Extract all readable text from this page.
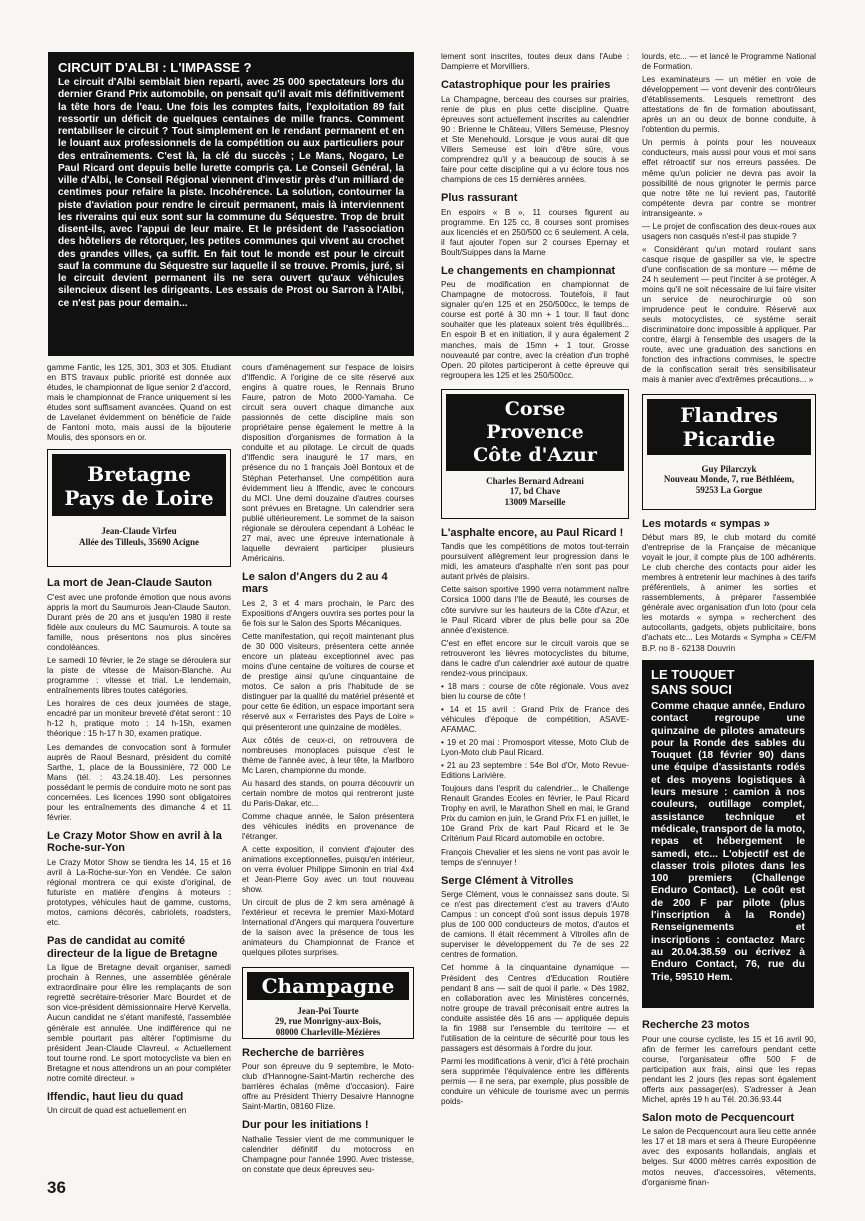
CIRCUIT D'ALBI : L'IMPASSE ?

Le circuit d'Albi semblait bien reparti, avec 25 000 spectateurs lors du dernier Grand Prix automobile, on pensait qu'il avait mis définitivement la tête hors de l'eau. Une fois les comptes faits, l'exploitation 89 fait ressortir un déficit de quelques centaines de mille francs. Comment rentabiliser le circuit ? Tout simplement en le rendant permanent et en le louant aux professionnels de la compétition ou aux particuliers pour des entraînements. C'est là, la clé du succès ; Le Mans, Nogaro, Le Paul Ricard ont depuis belle lurette compris ça. Le Conseil Général, la ville d'Albi, le Conseil Régional viennent d'investir près d'un milliard de centimes pour refaire la piste. Incohérence. La solution, contourner la piste d'aviation pour rendre le circuit permanent, mais là interviennent les riverains qui eux sont sur la commune du Séquestre. Trop de bruit disent-ils, avec l'appui de leur maire. Et le président de l'association des hôteliers de rétorquer, les petites communes qui vivent au crochet des grandes villes, ça suffit. En fait tout le monde est pour le circuit sauf la commune du Séquestre sur laquelle il se trouve. Promis, juré, si le circuit devient permanent ils ne sera ouvert qu'aux véhicules silencieux disent les dirigeants. Les essais de Prost ou Sarron à l'Albi, ce n'est pas pour demain...

gamme Fantic, les 125, 301, 303 et 305. Étudiant en BTS travaux public priorité est donnée aux études, le championnat de ligue senior 2 d'accord, mais le championnat de France uniquement si les études sont suffisament avancées. Quand on est de Lavelanet évidemment on bénéficie de l'aide de Fantoni moto, mais aussi de la bijouterie Moulis, des sponsors en or.

Bretagne
Pays de Loire
Jean-Claude Virfeu
Allée des Tilleuls, 35690 Acigne
La mort de Jean-Claude Sauton

C'est avec une profonde émotion que nous avons appris la mort du Saumurois Jean-Claude Sauton. Durant près de 20 ans et jusqu'en 1980 il reste fidèle aux couleurs du MC Saumurois. A toute sa famille, nous présentons nos plus sincères condoléances.

Le samedi 10 février, le 2e stage se déroulera sur la piste de vitesse de Maison-Blanche. Au programme : vitesse et trial. Le lendemain, entraînements libres toutes catégories.

Les horaires de ces deux journées de stage, encadré par un moniteur breveté d'état seront : 10 h-12 h, pratique moto : 14 h-15h, examen théorique : 15 h-17 h 30, examen pratique.

Les demandes de convocation sont à formuler auprès de Raoul Besnard, président du comité Sarthe, 1, place de la Boussinière, 72 000 Le Mans (tél. : 43.24.18.40). Les personnes possédant le permis de conduire moto ne sont pas concernées. Les licences 1990 sont obligatoires pour les entraînements des dimanche 4 et 11 février.

Le Crazy Motor Show en avril à la Roche-sur-Yon

Le Crazy Motor Show se tiendra les 14, 15 et 16 avril à La-Roche-sur-Yon en Vendée. Ce salon régional montrera ce qui existe d'original, de futuriste en matière d'engins à moteurs : prototypes, véhicules haut de gamme, customs, motos, camions décorés, cabriolets, roadsters, etc.

Pas de candidat au comité directeur de la ligue de Bretagne

La ligue de Bretagne devait organiser, samedi prochain à Rennes, une assemblée générale extraordinaire pour élire les remplaçants de son regretté secrétaire-trésorier Marc Bourdet et de son vice-président démissionnaire Hervé Kervella. Aucun candidat ne s'étant manifesté, l'assemblée générale est annulée. Une indifférence qui ne semble pourtant pas altérer l'optimisme du président Jean-Claude Clavreul. « Actuellement tout tourne rond. Le sport motocycliste va bien en Bretagne et nous attendrons un an pour compléter notre comité directeur. »

Iffendic, haut lieu du quad

Un circuit de quad est actuellement en

cours d'aménagement sur l'espace de loisirs d'Iffendic. A l'origine de ce site réservé aux engins à quatre roues, le Rennais Bruno Faure, patron de Moto 2000-Yamaha. Ce circuit sera ouvert chaque dimanche aux passionnés de cette discipline mais son propriétaire pense également le mettre à la disposition d'organismes de formation à la conduite et au pilotage. Le circuit de quads d'Iffendic sera inauguré le 17 mars, en présence du no 1 français Joël Bontoux et de Stéphan Peterhansel. Une compétition aura évidemment lieu à Iffendic, avec le concours du MCI. Une demi douzaine d'autres courses sont prévues en Bretagne. Un calendrier sera publié ultérieurement. Le sommet de la saison régionale se déroulera cependant à Lohéac le 27 mai, avec une épreuve internationale à laquelle devraient participer plusieurs Américains.

Le salon d'Angers du 2 au 4 mars

Les 2, 3 et 4 mars prochain, le Parc des Expositions d'Angers ouvrira ses portes pour la 6e fois sur le Salon des Sports Mécaniques.

Cette manifestation, qui reçoit maintenant plus de 30 000 visiteurs, présentera cette année encore un plateau exceptionnel avec pas moins d'une centaine de voitures de course et de prestige ainsi qu'une cinquantaine de motos. Ce salon a pris l'habitude de se distinguer par la qualité du matériel présenté et pour cette 6e édition, un espace important sera réservé aux « Ferraristes des Pays de Loire » qui présenteront une quinzaine de modèles.

Aux côtés de ceux-ci, on retrouvera de nombreuses monoplaces puisque c'est le thème de l'année avec, à leur tête, la Marlboro Mc Laren, championne du monde.

Au hasard des stands, on pourra découvrir un certain nombre de motos qui rentreront juste du Paris-Dakar, etc...

Comme chaque année, le Salon présentera des véhicules inédits en provenance de l'étranger.

A cette exposition, il convient d'ajouter des animations exceptionnelles, puisqu'en intérieur, on verra évoluer Philippe Simonin en trial 4x4 et Jean-Pierre Goy avec un tout nouveau show.

Un circuit de plus de 2 km sera aménagé à l'extérieur et recevra le premier Maxi-Motard International d'Angers qui marquera l'ouverture de la saison avec la présence de tous les animateurs du Championnat de France et quelques pilotes surprises.

Champagne
Jean-Poi Tourte
29, rue Monrigny-aux-Bois,
08000 Charleville-Mézières
Recherche de barrières

Pour son épreuve du 9 septembre, le Moto-club d'Hannogne-Saint-Martin recherche des barrières échalas (même d'occasion). Faire offre au Président Thierry Desaivre Hannogne Saint-Martin, 08160 Flize.

Dur pour les initiations !

Nathalie Tessier vient de me communiquer le calendrier définitif du motocross en Champagne pour l'année 1990. Avec tristesse, on constate que deux épreuves seu-

lement sont inscrites, toutes deux dans l'Aube : Dampierre et Morvilliers.

Catastrophique pour les prairies

La Champagne, berceau des courses sur prairies, renie de plus en plus cette discipline. Quatre épreuves sont actuellement inscrites au calendrier 90 : Brienne le Château, Villers Semeuse, Plesnoy et Ste Menehould. Lorsque je vous aurai dit que Villers Semeuse est loin d'être sûre, vous comprendrez qu'il y a beaucoup de soucis à se faire pour cette discipline qui a vu éclore tous nos champions de ces 15 dernières années.

Plus rassurant

En espoirs « B », 11 courses figurent au programme. En 125 cc, 8 courses sont promises aux licenciés et en 250/500 cc 6 seulement. A cela, il faut ajouter l'open sur 2 courses Epernay et Boult/Suippes dans la Marne

Le changements en championnat

Peu de modification en championnat de Champagne de motocross. Toutefois, il faut signaler qu'en 125 et en 250/500cc, le temps de course est porté à 30 mn + 1 tour. Il faut donc souhaiter que les plateaux soient très équilibrés... En espoir B et en initiation, il y aura également 2 manches, mais de 15mn + 1 tour. Grosse nouveauté par contre, avec la création d'un trophé Open. 20 pilotes participeront à cette épreuve qui regroupera les 125 et les 250/500cc.

Corse
Provence
Côte d'Azur
Charles Bernard Adreani
17, bd Chave
13009 Marseille
L'asphalte encore, au Paul Ricard !

Tandis que les compétitions de motos tout-terrain poursuivent allègrement leur progression dans le midi, les amateurs d'asphalte n'en sont pas pour autant privés de plaisirs.

Cette saison sportive 1990 verra notamment naître Corsica 1000 dans l'Ile de Beauté, les courses de côte survivre sur les hauteurs de la Côte d'Azur, et le Paul Ricard vibrer de plus belle pour sa 20e année d'existence.

C'est en effet encore sur le circuit varois que se retrouveront les lièvres motocyclistes du bitume, dans le cadre d'un calendrier axé autour de quatre rendez-vous principaux.

• 18 mars : course de côte régionale. Vous avez bien lu course de côte !

• 14 et 15 avril : Grand Prix de France des véhicules d'époque de compétition, ASAVE-AFAMAC.

• 19 et 20 mai : Promosport vitesse, Moto Club de Lyon-Moto club Paul Ricard.

• 21 au 23 septembre : 54e Bol d'Or, Moto Revue-Editions Larivière.

Toujours dans l'esprit du calendrier... le Challenge Renault Grandes Ecoles en février, le Paul Ricard Trophy en avril, le Marathon Shell en mai, le Grand Prix du camion en juin, le Grand Prix F1 en juillet, le 10e Grand Prix de kart Paul Ricard et le 3e Critérium Paul Ricard automobile en octobre.

François Chevalier et les siens ne vont pas avoir le temps de s'ennuyer !

Serge Clément à Vitrolles

Serge Clément, vous le connaissez sans doute. Si ce n'est pas directement c'est au travers d'Auto Campus : un concept d'où sont issus depuis 1978 plus de 100 000 conducteurs de motos, d'autos et de camions. Il était récemment à Vitrolles afin de superviser le développement du 7e de ses 22 centres de formation.

Cet homme à la cinquantaine dynamique — Président des Centres d'Education Routière pendant 8 ans — sait de quoi il parle. « Dès 1982, en collaboration avec les Ministères concernés, notre groupe de travail préconisait entre autres la conduite assistée dès 16 ans — appliquée depuis la fin 1988 sur l'ensemble du territoire — et l'utilisation de la ceinture de sécurité pour tous les passagers est désormais à l'ordre du jour.

Parmi les modifications à venir, d'ici à l'été prochain sera supprimée l'équivalence entre les différents permis — il ne sera, par exemple, plus possible de conduire un véhicule de tourisme avec un permis poids-

lourds, etc... — et lancé le Programme National de Formation.

Les examinateurs — un métier en voie de développement — vont devenir des contrôleurs d'établissements. Lesquels remettront des attestations de fin de formation aboutissant, après un an ou deux de bonne conduite, à l'obtention du permis.

Un permis à points pour les nouveaux conducteurs, mais aussi pour vous et moi sans effet rétroactif sur nos erreurs passées. De même qu'un policier ne devra pas avoir la possibilité de nous grignoter le permis parce que notre tête ne lui revient pas, l'autorité compétente devra par contre se montrer intransigeante. »

— Le projet de confiscation des deux-roues aux usagers non casqués n'est-il pas stupide ?

« Considérant qu'un motard roulant sans casque risque de gaspiller sa vie, le spectre d'une confiscation de sa monture — même de 24 h seulement — peut l'inciter à se protéger. A moins qu'il ne soit nécessaire de lui faire visiter un service de neurochirurgie où son imprudence peut le conduire. Réservé aux seuls motocyclistes, ce système serait discriminatoire donc impossible à appliquer. Par contre, élargi à l'ensemble des usagers de la route, avec une graduation des sanctions en fonction des infractions commises, le spectre de la confiscation serait très sensibilisateur mais à manier avec d'extrêmes précautions... »

Flandres
Picardie
Guy Pilarczyk
Nouveau Monde, 7, rue Béthléem,
59253 La Gorgue
Les motards « sympas »

Début mars 89, le club motard du comité d'entreprise de la Française de mécanique voyait le jour, il compte plus de 100 adhérents. Le club cherche des contacts pour aider les membres à entretenir leur machines à des tarifs préférentiels, à animer les sorties et rassemblements, à préparer l'assemblée générale avec organisation d'un loto (pour cela les motards « sympa » recherchent des autocollants, gadgets, objets publicitaire, bons d'achats etc... Les Motards « Sympha » CE/FM B.P. no 8 - 62138 Douvrin

LE TOUQUET
SANS SOUCI

Comme chaque année, Enduro contact regroupe une quinzaine de pilotes amateurs pour la Ronde des sables du Touquet (18 février 90) dans une équipe d'assistants rodés et des moyens logistiques à leurs mesure : camion à nos couleurs, outillage complet, assistance technique et médicale, transport de la moto, repas et hébergement le samedi, etc... L'objectif est de classer trois pilotes dans les 100 premiers (Challenge Enduro Contact). Le coût est de 200 F par pilote (plus l'inscription à la Ronde) Renseignements et inscriptions : contactez Marc au 20.04.38.59 ou écrivez à Enduro Contact, 76, rue du Trie, 59510 Hem.

Recherche 23 motos

Pour une course cycliste, les 15 et 16 avril 90, afin de fermer les carrefours pendant cette course, l'organisateur offre 500 F de participation aux frais, ainsi que les repas pendant les 2 jours (les repas sont également offerts aux passager(es). S'adresser à Jean Michel, après 19 h au Tél. 20.36.93.44

Salon moto de Pecquencourt

Le salon de Pecquencourt aura lieu cette année les 17 et 18 mars et sera à l'heure Européenne avec des exposants hollandais, anglais et belges. Sur 4000 mètres carrés exposition de motos neuves, d'accessoires, vêtements, d'organisme finan-

36
